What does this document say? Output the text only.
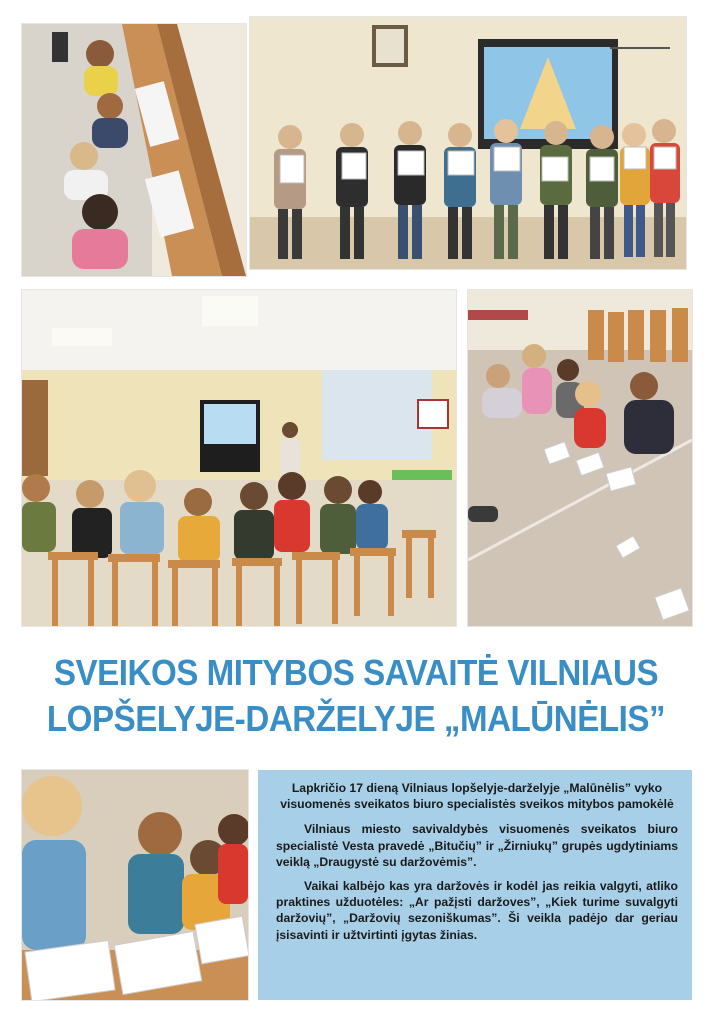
SVEIKOS MITYBOS SAVAITĖ VILNIAUS
LOPŠELYJE-DARŽELYJE „MALŪNĖLIS”

Lapkričio 17 dieną Vilniaus lopšelyje-darželyje „Malūnėlis” vyko visuomenės sveikatos biuro specialistės sveikos mitybos pamokėlė

Vilniaus miesto savivaldybės visuomenės sveikatos biuro specialistė Vesta pravedė „Bitučių” ir „Žirniukų” grupės ugdytiniams veiklą „Draugystė su daržovėmis”.

Vaikai kalbėjo kas yra daržovės ir kodėl jas reikia valgyti, atliko praktines užduotėles: „Ar pažįsti daržoves”, „Kiek turime suvalgyti daržovių”, „Daržovių sezoniškumas”. Ši veikla padėjo dar geriau įsisavinti ir užtvirtinti įgytas žinias.
